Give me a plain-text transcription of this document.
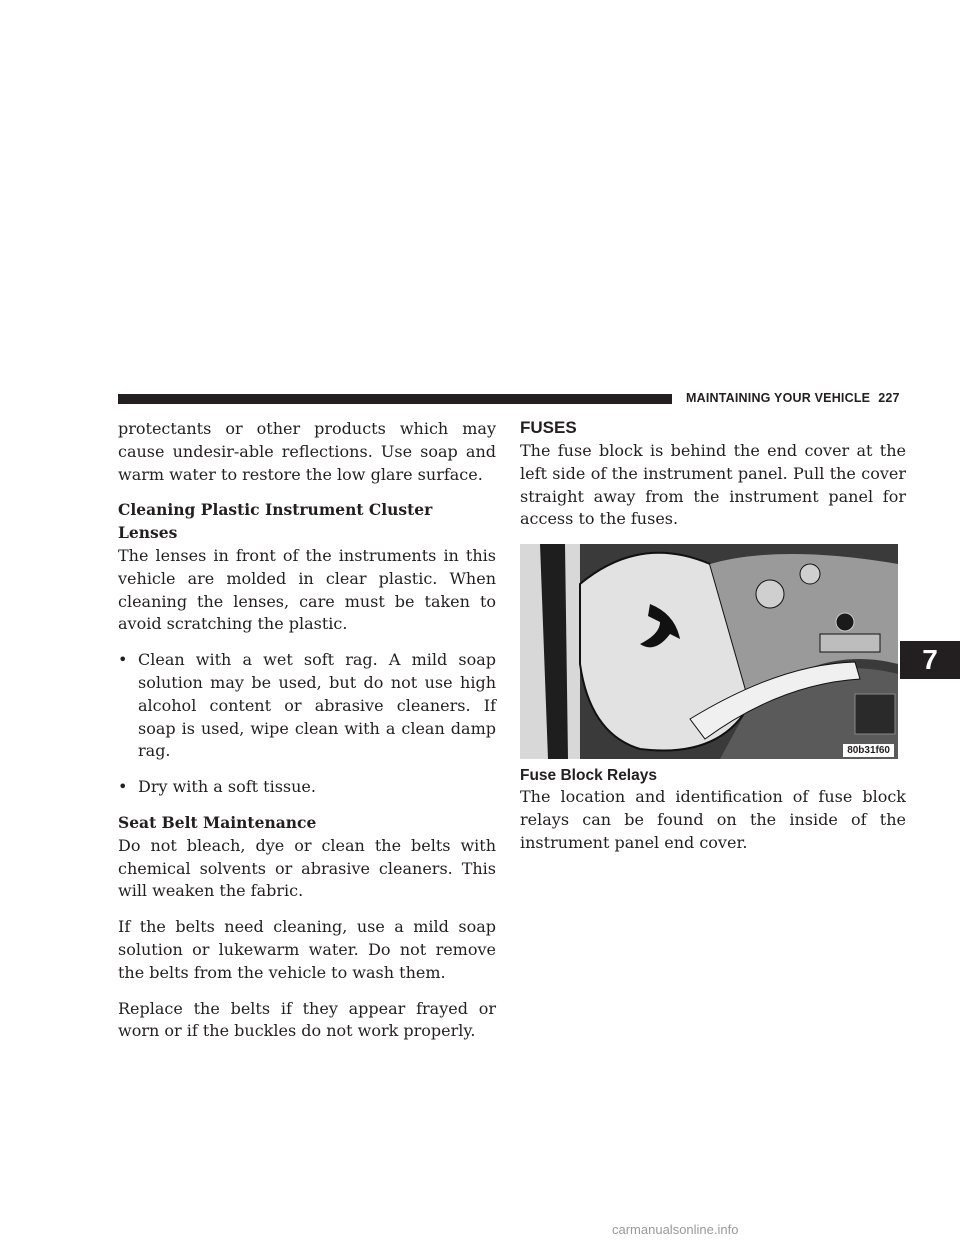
MAINTAINING YOUR VEHICLE 227

protectants or other products which may cause undesir-able reflections. Use soap and warm water to restore the low glare surface.

Cleaning Plastic Instrument Cluster Lenses

The lenses in front of the instruments in this vehicle are molded in clear plastic. When cleaning the lenses, care must be taken to avoid scratching the plastic.

• Clean with a wet soft rag. A mild soap solution may be used, but do not use high alcohol content or abrasive cleaners. If soap is used, wipe clean with a clean damp rag.
• Dry with a soft tissue.
Seat Belt Maintenance

Do not bleach, dye or clean the belts with chemical solvents or abrasive cleaners. This will weaken the fabric.

If the belts need cleaning, use a mild soap solution or lukewarm water. Do not remove the belts from the vehicle to wash them.

Replace the belts if they appear frayed or worn or if the buckles do not work properly.

FUSES

The fuse block is behind the end cover at the left side of the instrument panel. Pull the cover straight away from the instrument panel for access to the fuses.

80b31f60
Fuse Block Relays

The location and identification of fuse block relays can be found on the inside of the instrument panel end cover.

7
carmanualsonline.info
